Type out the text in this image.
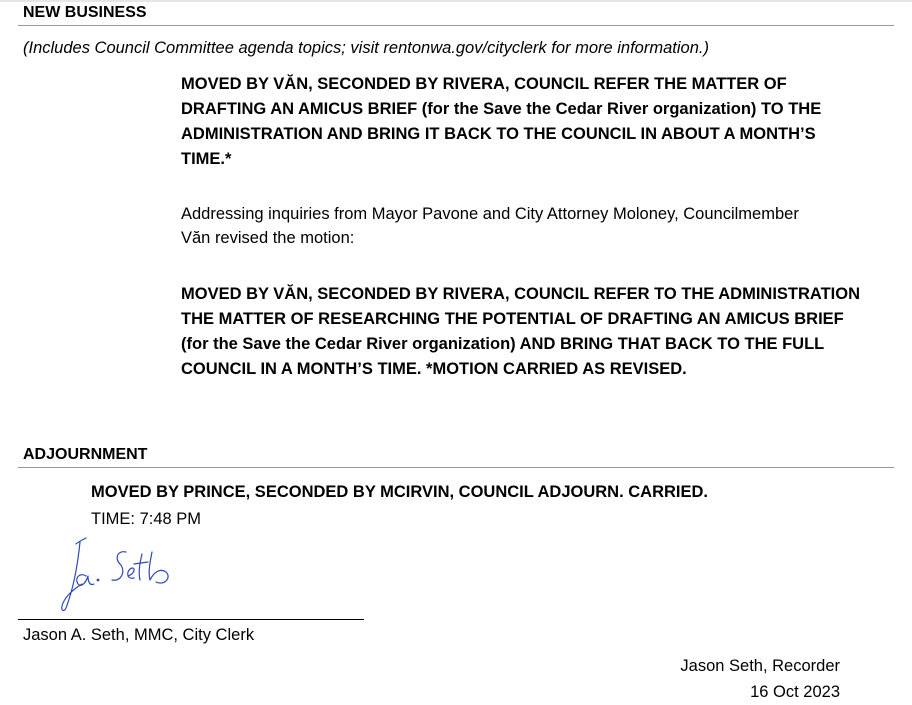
NEW BUSINESS
(Includes Council Committee agenda topics; visit rentonwa.gov/cityclerk for more information.)
MOVED BY VĂN, SECONDED BY RIVERA, COUNCIL REFER THE MATTER OF DRAFTING AN AMICUS BRIEF (for the Save the Cedar River organization) TO THE ADMINISTRATION AND BRING IT BACK TO THE COUNCIL IN ABOUT A MONTH’S TIME.*
Addressing inquiries from Mayor Pavone and City Attorney Moloney, Councilmember Văn revised the motion:
MOVED BY VĂN, SECONDED BY RIVERA, COUNCIL REFER TO THE ADMINISTRATION THE MATTER OF RESEARCHING THE POTENTIAL OF DRAFTING AN AMICUS BRIEF (for the Save the Cedar River organization) AND BRING THAT BACK TO THE FULL COUNCIL IN A MONTH’S TIME. *MOTION CARRIED AS REVISED.
ADJOURNMENT
MOVED BY PRINCE, SECONDED BY MCIRVIN, COUNCIL ADJOURN. CARRIED.
TIME: 7:48 PM
Jason A. Seth, MMC, City Clerk
Jason Seth, Recorder
16 Oct 2023
